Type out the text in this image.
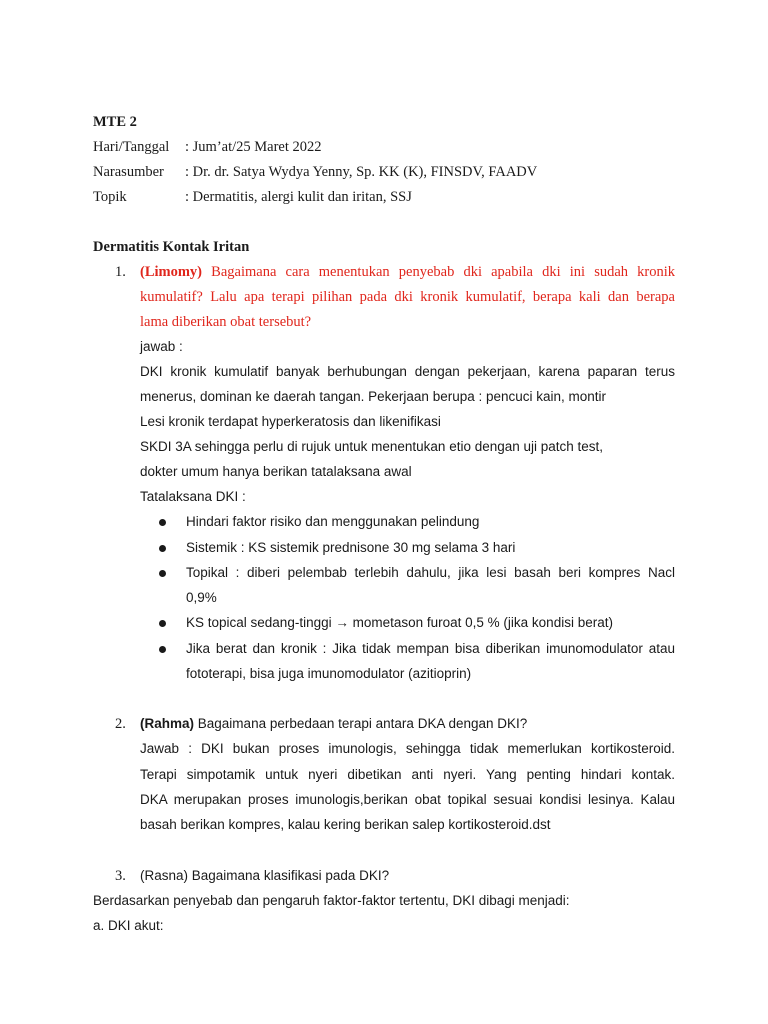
MTE 2
Hari/Tanggal : Jum’at/25 Maret 2022
Narasumber : Dr. dr. Satya Wydya Yenny, Sp. KK (K), FINSDV, FAADV
Topik	: Dermatitis, alergi kulit dan iritan, SSJ
Dermatitis Kontak Iritan
1. (Limomy) Bagaimana cara menentukan penyebab dki apabila dki ini sudah kronik
kumulatif? Lalu apa terapi pilihan pada dki kronik kumulatif, berapa kali dan berapa
lama diberikan obat tersebut?
jawab :
DKI kronik kumulatif banyak berhubungan dengan pekerjaan, karena paparan terus
menerus, dominan ke daerah tangan. Pekerjaan berupa : pencuci kain, montir
Lesi kronik terdapat hyperkeratosis dan likenifikasi
SKDI 3A sehingga perlu di rujuk untuk menentukan etio dengan uji patch test,
dokter umum hanya berikan tatalaksana awal
Tatalaksana DKI :
Hindari faktor risiko dan menggunakan pelindung
Sistemik : KS sistemik prednisone 30 mg selama 3 hari
Topikal : diberi pelembab terlebih dahulu, jika lesi basah beri kompres Nacl
0,9%
KS topical sedang-tinggi → mometason furoat 0,5 % (jika kondisi berat)
Jika berat dan kronik : Jika tidak mempan bisa diberikan imunomodulator atau
fototerapi, bisa juga imunomodulator (azitioprin)
2. (Rahma) Bagaimana perbedaan terapi antara DKA dengan DKI?
Jawab : DKI bukan proses imunologis, sehingga tidak memerlukan kortikosteroid.
Terapi simpotamik untuk nyeri dibetikan anti nyeri. Yang penting hindari kontak.
DKA merupakan proses imunologis,berikan obat topikal sesuai kondisi lesinya. Kalau
basah berikan kompres, kalau kering berikan salep kortikosteroid.dst
3. (Rasna) Bagaimana klasifikasi pada DKI?
Berdasarkan penyebab dan pengaruh faktor-faktor tertentu, DKI dibagi menjadi:
a. DKI akut:
